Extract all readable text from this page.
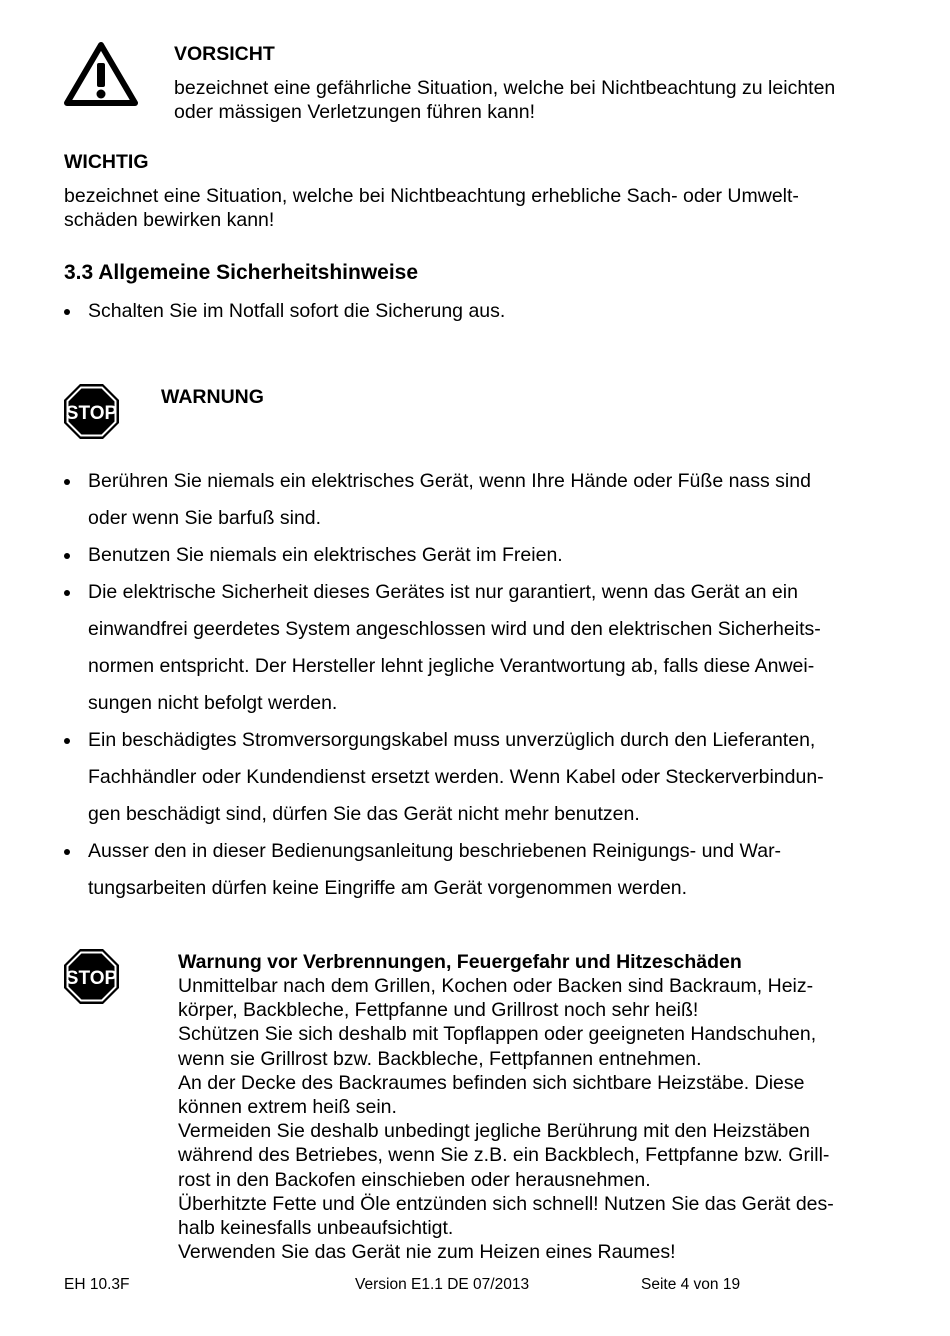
VORSICHT
bezeichnet eine gefährliche Situation, welche bei Nichtbeachtung zu leichten
oder mässigen Verletzungen führen kann!
WICHTIG
bezeichnet eine Situation, welche bei Nichtbeachtung erhebliche Sach- oder Umwelt-
schäden bewirken kann!
3.3 Allgemeine Sicherheitshinweise
Schalten Sie im Notfall sofort die Sicherung aus.
STOP
WARNUNG
Berühren Sie niemals ein elektrisches Gerät, wenn Ihre Hände oder Füße nass sind
oder wenn Sie barfuß sind.
Benutzen Sie niemals ein elektrisches Gerät im Freien.
Die elektrische Sicherheit dieses Gerätes ist nur garantiert, wenn das Gerät an ein
einwandfrei geerdetes System angeschlossen wird und den elektrischen Sicherheits-
normen entspricht. Der Hersteller lehnt jegliche Verantwortung ab, falls diese Anwei-
sungen nicht befolgt werden.
Ein beschädigtes Stromversorgungskabel muss unverzüglich durch den Lieferanten,
Fachhändler oder Kundendienst ersetzt werden. Wenn Kabel oder Steckerverbindun-
gen beschädigt sind, dürfen Sie das Gerät nicht mehr benutzen.
Ausser den in dieser Bedienungsanleitung beschriebenen Reinigungs- und War-
tungsarbeiten dürfen keine Eingriffe am Gerät vorgenommen werden.
STOP
Warnung vor Verbrennungen, Feuergefahr und Hitzeschäden
Unmittelbar nach dem Grillen, Kochen oder Backen sind Backraum, Heiz-
körper, Backbleche, Fettpfanne und Grillrost noch sehr heiß!
Schützen Sie sich deshalb mit Topflappen oder geeigneten Handschuhen,
wenn sie Grillrost bzw. Backbleche, Fettpfannen entnehmen.
An der Decke des Backraumes befinden sich sichtbare Heizstäbe. Diese
können extrem heiß sein.
Vermeiden Sie deshalb unbedingt jegliche Berührung mit den Heizstäben
während des Betriebes, wenn Sie z.B. ein Backblech, Fettpfanne bzw. Grill-
rost in den Backofen einschieben oder herausnehmen.
Überhitzte Fette und Öle entzünden sich schnell! Nutzen Sie das Gerät des-
halb keinesfalls unbeaufsichtigt.
Verwenden Sie das Gerät nie zum Heizen eines Raumes!
EH 10.3F	Version E1.1 DE 07/2013	Seite 4 von 19
